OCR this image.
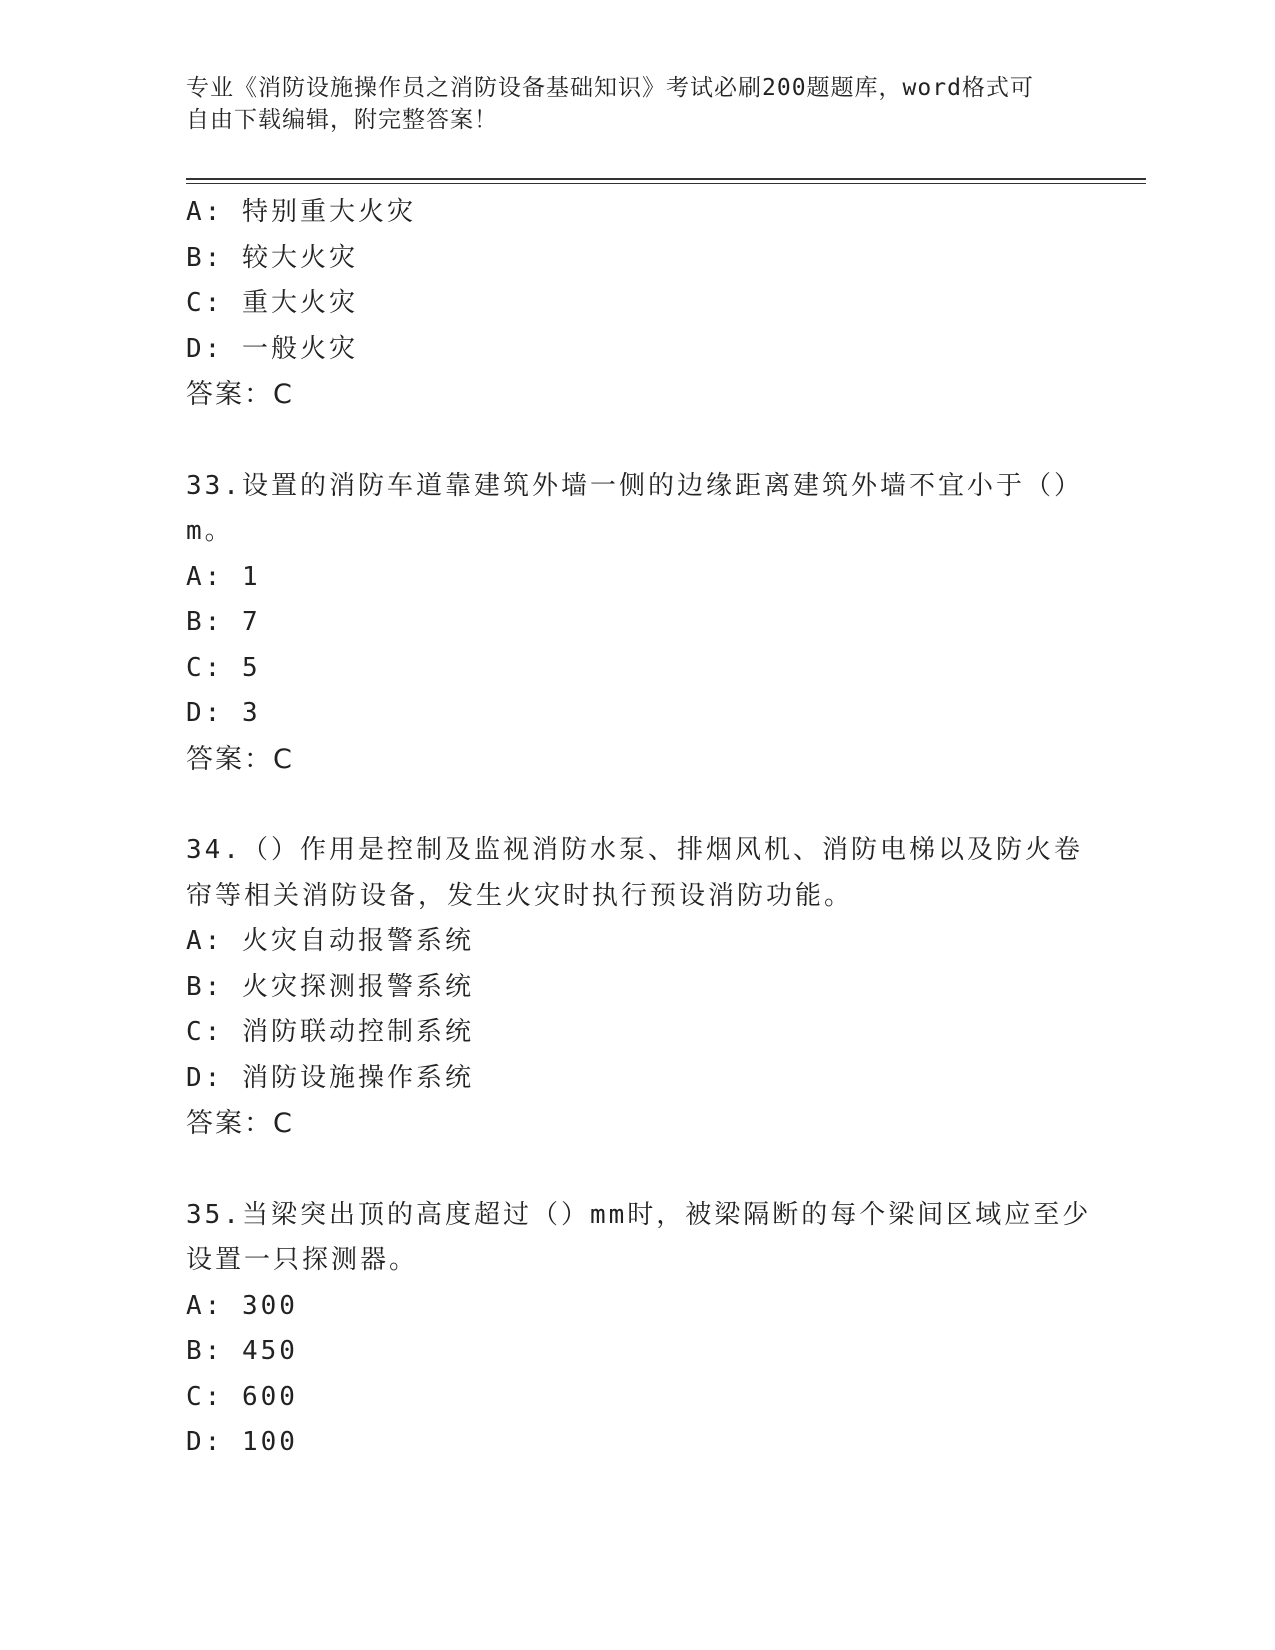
专业《消防设施操作员之消防设备基础知识》考试必刷200题题库，word格式可
自由下载编辑，附完整答案！
A: 特别重大火灾
B: 较大火灾
C: 重大火灾
D: 一般火灾
答案：C
33.设置的消防车道靠建筑外墙一侧的边缘距离建筑外墙不宜小于（）
m。
A: 1
B: 7
C: 5
D: 3
答案：C
34.（）作用是控制及监视消防水泵、排烟风机、消防电梯以及防火卷
帘等相关消防设备，发生火灾时执行预设消防功能。
A: 火灾自动报警系统
B: 火灾探测报警系统
C: 消防联动控制系统
D: 消防设施操作系统
答案：C
35.当梁突出顶的高度超过（）mm时，被梁隔断的每个梁间区域应至少
设置一只探测器。
A: 300
B: 450
C: 600
D: 100
